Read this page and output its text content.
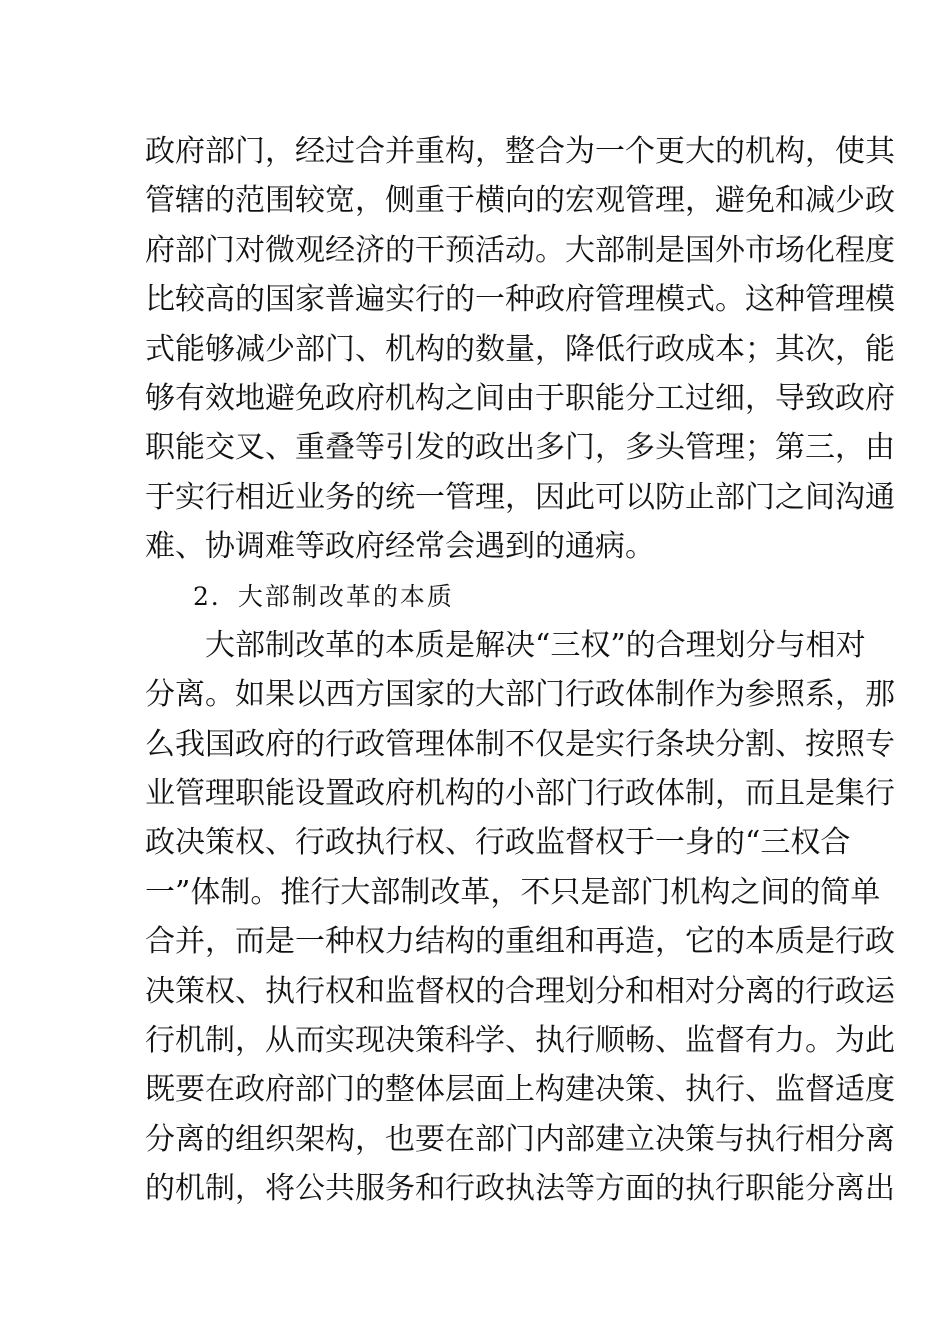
政府部门，经过合并重构，整合为一个更大的机构，使其
管辖的范围较宽，侧重于横向的宏观管理，避免和减少政
府部门对微观经济的干预活动。大部制是国外市场化程度
比较高的国家普遍实行的一种政府管理模式。这种管理模
式能够减少部门、机构的数量，降低行政成本；其次，能
够有效地避免政府机构之间由于职能分工过细，导致政府
职能交叉、重叠等引发的政出多门，多头管理；第三，由
于实行相近业务的统一管理，因此可以防止部门之间沟通
难、协调难等政府经常会遇到的通病。
2．大部制改革的本质
大部制改革的本质是解决“三权”的合理划分与相对
分离。如果以西方国家的大部门行政体制作为参照系，那
么我国政府的行政管理体制不仅是实行条块分割、按照专
业管理职能设置政府机构的小部门行政体制，而且是集行
政决策权、行政执行权、行政监督权于一身的“三权合
一”体制。推行大部制改革，不只是部门机构之间的简单
合并，而是一种权力结构的重组和再造，它的本质是行政
决策权、执行权和监督权的合理划分和相对分离的行政运
行机制，从而实现决策科学、执行顺畅、监督有力。为此
既要在政府部门的整体层面上构建决策、执行、监督适度
分离的组织架构，也要在部门内部建立决策与执行相分离
的机制，将公共服务和行政执法等方面的执行职能分离出
